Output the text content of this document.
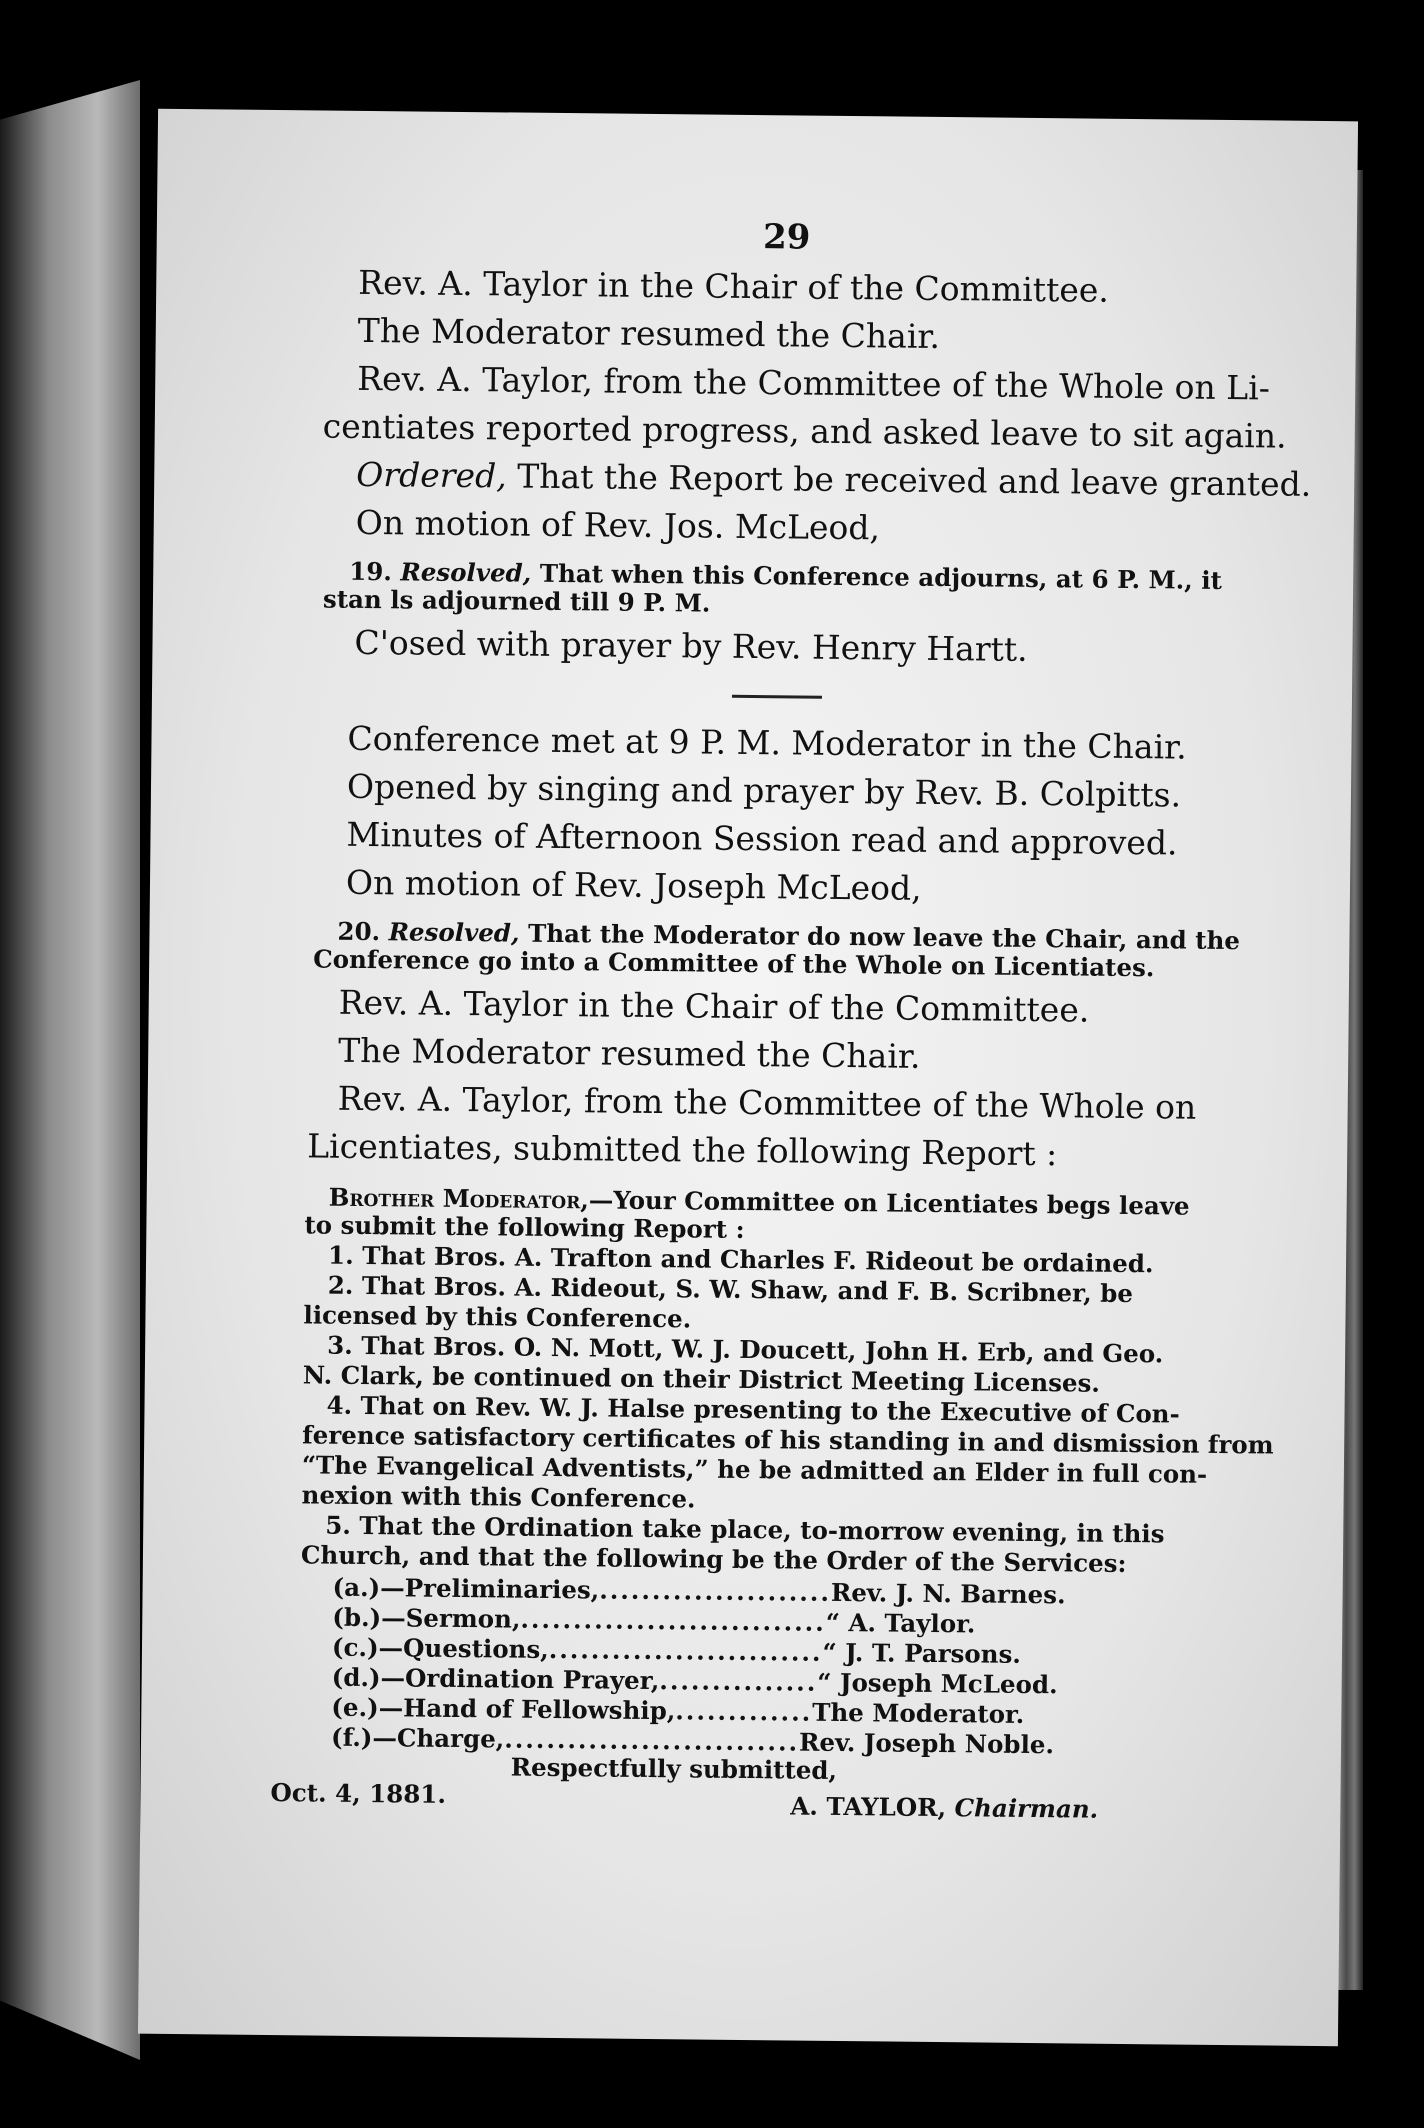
29
Rev. A. Taylor in the Chair of the Committee.
The Moderator resumed the Chair.
Rev. A. Taylor, from the Committee of the Whole on Li-
centiates reported progress, and asked leave to sit again.
Ordered, That the Report be received and leave granted.
On motion of Rev. Jos. McLeod,
19. Resolved, That when this Conference adjourns, at 6 P. M., it
stan ls adjourned till 9 P. M.
C'osed with prayer by Rev. Henry Hartt.
Conference met at 9 P. M. Moderator in the Chair.
Opened by singing and prayer by Rev. B. Colpitts.
Minutes of Afternoon Session read and approved.
On motion of Rev. Joseph McLeod,
20. Resolved, That the Moderator do now leave the Chair, and the
Conference go into a Committee of the Whole on Licentiates.
Rev. A. Taylor in the Chair of the Committee.
The Moderator resumed the Chair.
Rev. A. Taylor, from the Committee of the Whole on
Licentiates, submitted the following Report :
Brother Moderator,—Your Committee on Licentiates begs leave
to submit the following Report :
1. That Bros. A. Trafton and Charles F. Rideout be ordained.
2. That Bros. A. Rideout, S. W. Shaw, and F. B. Scribner, be
licensed by this Conference.
3. That Bros. O. N. Mott, W. J. Doucett, John H. Erb, and Geo.
N. Clark, be continued on their District Meeting Licenses.
4. That on Rev. W. J. Halse presenting to the Executive of Con-
ference satisfactory certificates of his standing in and dismission from
“The Evangelical Adventists,” he be admitted an Elder in full con-
nexion with this Conference.
5. That the Ordination take place, to-morrow evening, in this
Church, and that the following be the Order of the Services:
(a.)—Preliminaries,......................Rev. J. N. Barnes.
(b.)—Sermon,.............................“ A. Taylor.
(c.)—Questions,..........................“ J. T. Parsons.
(d.)—Ordination Prayer,...............“ Joseph McLeod.
(e.)—Hand of Fellowship,.............The Moderator.
(f.)—Charge,............................Rev. Joseph Noble.
Respectfully submitted,
Oct. 4, 1881.	A. TAYLOR, Chairman.
